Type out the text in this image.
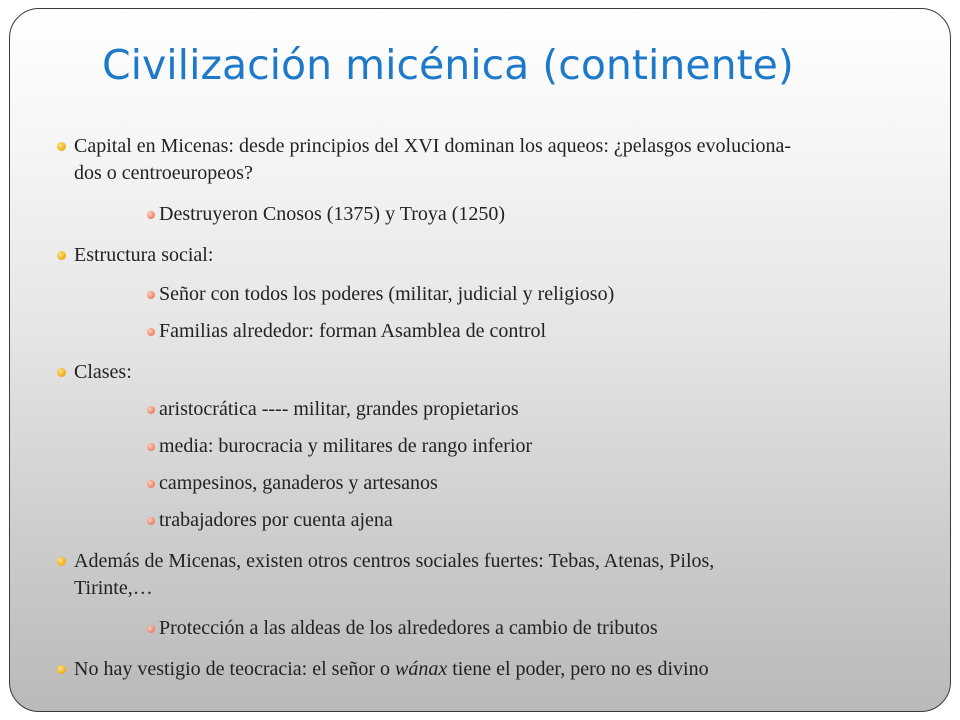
Civilización micénica (continente)
Capital en Micenas: desde principios del XVI dominan los aqueos: ¿pelasgos evoluciona-
dos o centroeuropeos?
Destruyeron Cnosos (1375) y Troya (1250)
Estructura social:
Señor con todos los poderes (militar, judicial y religioso)
Familias alrededor: forman Asamblea de control
Clases:
aristocrática ---- militar, grandes propietarios
media: burocracia y militares de rango inferior
campesinos, ganaderos y artesanos
trabajadores por cuenta ajena
Además de Micenas, existen otros centros sociales fuertes: Tebas, Atenas, Pilos,
Tirinte,…
Protección a las aldeas de los alrededores a cambio de tributos
No hay vestigio de teocracia: el señor o wánax tiene el poder, pero no es divino
